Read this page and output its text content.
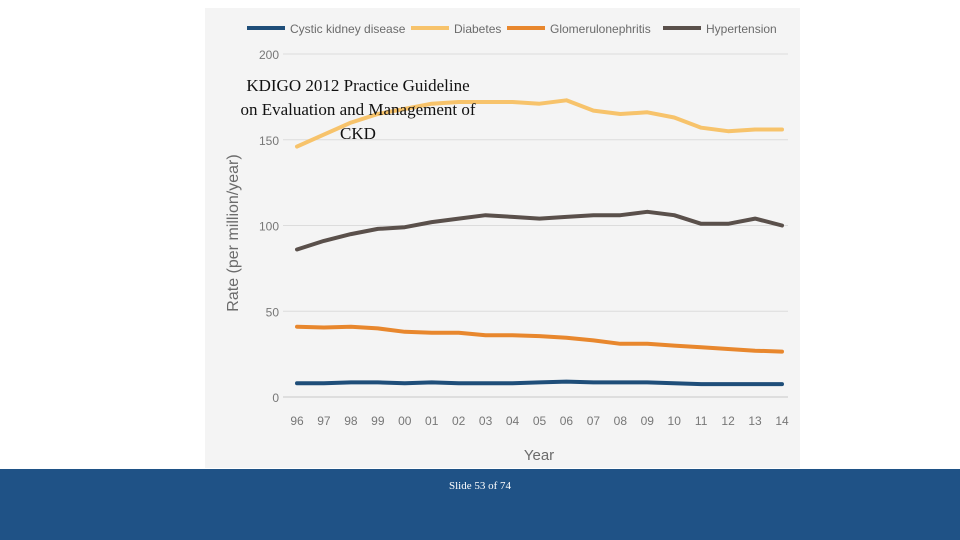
0
50
100
150
200
96 97 98 99 00 01 02 03 04 05 06 07 08 09 10 11 12 13 14
Cystic kidney disease	Diabetes	Glomerulonephritis	Hypertension
Rate (per million/year)
Year
KDIGO 2012 Practice Guideline on Evaluation and Management of CKD
Slide 53 of 74
